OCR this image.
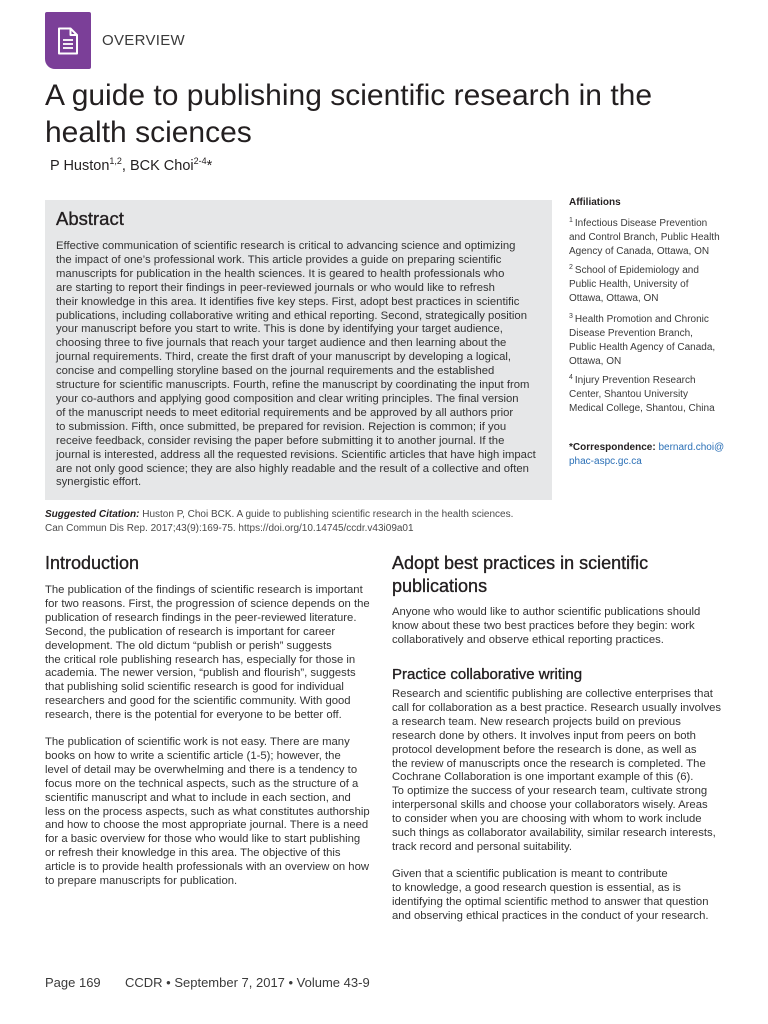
OVERVIEW
A guide to publishing scientific research in the
health sciences
P Huston$^{1,2}$, BCK Choi$^{2-4}$*
Abstract
Effective communication of scientific research is critical to advancing science and optimizing
the impact of one’s professional work. This article provides a guide on preparing scientific
manuscripts for publication in the health sciences. It is geared to health professionals who
are starting to report their findings in peer-reviewed journals or who would like to refresh
their knowledge in this area. It identifies five key steps. First, adopt best practices in scientific
publications, including collaborative writing and ethical reporting. Second, strategically position
your manuscript before you start to write. This is done by identifying your target audience,
choosing three to five journals that reach your target audience and then learning about the
journal requirements. Third, create the first draft of your manuscript by developing a logical,
concise and compelling storyline based on the journal requirements and the established
structure for scientific manuscripts. Fourth, refine the manuscript by coordinating the input from
your co-authors and applying good composition and clear writing principles. The final version
of the manuscript needs to meet editorial requirements and be approved by all authors prior
to submission. Fifth, once submitted, be prepared for revision. Rejection is common; if you
receive feedback, consider revising the paper before submitting it to another journal. If the
journal is interested, address all the requested revisions. Scientific articles that have high impact
are not only good science; they are also highly readable and the result of a collective and often
synergistic effort.
Affiliations
$^1$ Infectious Disease Prevention
and Control Branch, Public Health
Agency of Canada, Ottawa, ON
$^2$ School of Epidemiology and
Public Health, University of
Ottawa, Ottawa, ON
$^3$ Health Promotion and Chronic
Disease Prevention Branch,
Public Health Agency of Canada,
Ottawa, ON
$^4$ Injury Prevention Research
Center, Shantou University
Medical College, Shantou, China
*Correspondence: bernard.choi@
phac-aspc.gc.ca
Suggested Citation: Huston P, Choi BCK. A guide to publishing scientific research in the health sciences.
Can Commun Dis Rep. 2017;43(9):169-75. https://doi.org/10.14745/ccdr.v43i09a01
Introduction
The publication of the findings of scientific research is important
for two reasons. First, the progression of science depends on the
publication of research findings in the peer-reviewed literature.
Second, the publication of research is important for career
development. The old dictum “publish or perish” suggests
the critical role publishing research has, especially for those in
academia. The newer version, “publish and flourish”, suggests
that publishing solid scientific research is good for individual
researchers and good for the scientific community. With good
research, there is the potential for everyone to be better off.
The publication of scientific work is not easy. There are many
books on how to write a scientific article (1-5); however, the
level of detail may be overwhelming and there is a tendency to
focus more on the technical aspects, such as the structure of a
scientific manuscript and what to include in each section, and
less on the process aspects, such as what constitutes authorship
and how to choose the most appropriate journal. There is a need
for a basic overview for those who would like to start publishing
or refresh their knowledge in this area. The objective of this
article is to provide health professionals with an overview on how
to prepare manuscripts for publication.
Adopt best practices in scientific
publications
Anyone who would like to author scientific publications should
know about these two best practices before they begin: work
collaboratively and observe ethical reporting practices.
Practice collaborative writing
Research and scientific publishing are collective enterprises that
call for collaboration as a best practice. Research usually involves
a research team. New research projects build on previous
research done by others. It involves input from peers on both
protocol development before the research is done, as well as
the review of manuscripts once the research is completed. The
Cochrane Collaboration is one important example of this (6).
To optimize the success of your research team, cultivate strong
interpersonal skills and choose your collaborators wisely. Areas
to consider when you are choosing with whom to work include
such things as collaborator availability, similar research interests,
track record and personal suitability.
Given that a scientific publication is meant to contribute
to knowledge, a good research question is essential, as is
identifying the optimal scientific method to answer that question
and observing ethical practices in the conduct of your research.
Page 169 CCDR • September 7, 2017 • Volume 43-9
